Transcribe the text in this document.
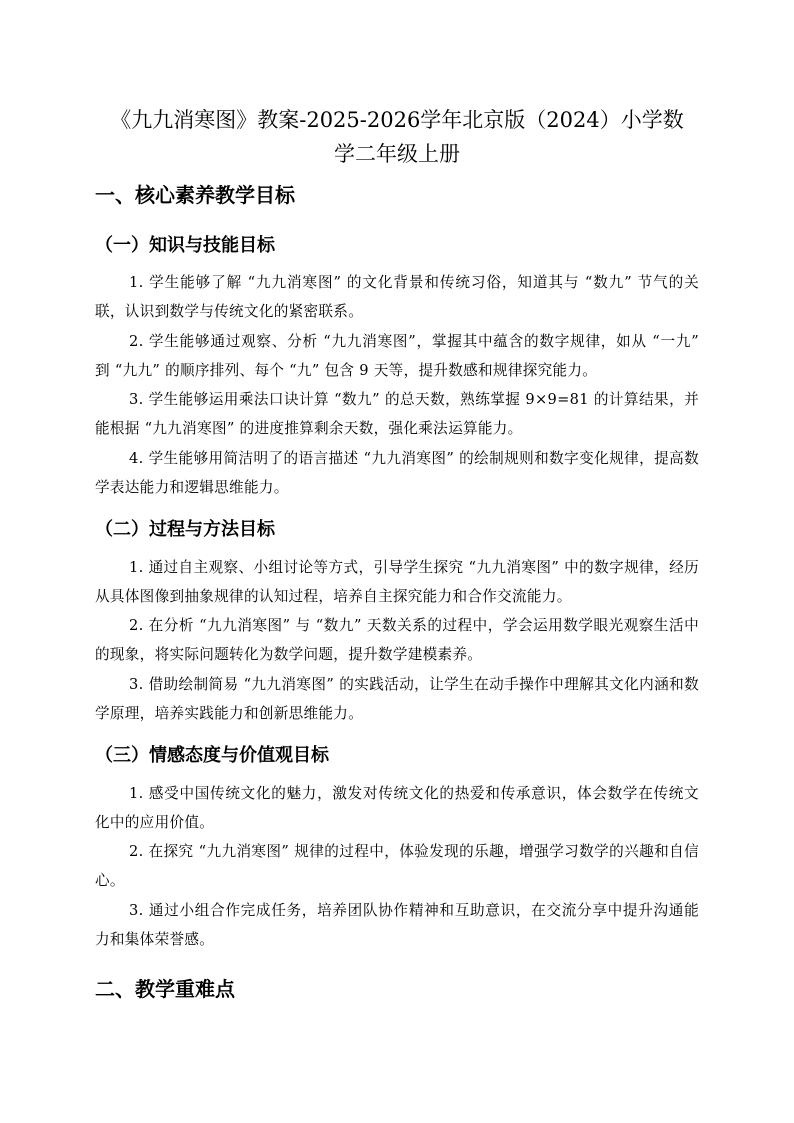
《九九消寒图》教案-2025-2026学年北京版（2024）小学数学二年级上册
一、核心素养教学目标
（一）知识与技能目标

1. 学生能够了解 “九九消寒图” 的文化背景和传统习俗，知道其与 “数九” 节气的关联，认识到数学与传统文化的紧密联系。

2. 学生能够通过观察、分析 “九九消寒图”，掌握其中蕴含的数字规律，如从 “一九” 到 “九九” 的顺序排列、每个 “九” 包含 9 天等，提升数感和规律探究能力。

3. 学生能够运用乘法口诀计算 “数九” 的总天数，熟练掌握 9×9=81 的计算结果，并能根据 “九九消寒图” 的进度推算剩余天数，强化乘法运算能力。

4. 学生能够用简洁明了的语言描述 “九九消寒图” 的绘制规则和数字变化规律，提高数学表达能力和逻辑思维能力。

（二）过程与方法目标

1. 通过自主观察、小组讨论等方式，引导学生探究 “九九消寒图” 中的数字规律，经历从具体图像到抽象规律的认知过程，培养自主探究能力和合作交流能力。

2. 在分析 “九九消寒图” 与 “数九” 天数关系的过程中，学会运用数学眼光观察生活中的现象，将实际问题转化为数学问题，提升数学建模素养。

3. 借助绘制简易 “九九消寒图” 的实践活动，让学生在动手操作中理解其文化内涵和数学原理，培养实践能力和创新思维能力。

（三）情感态度与价值观目标

1. 感受中国传统文化的魅力，激发对传统文化的热爱和传承意识，体会数学在传统文化中的应用价值。

2. 在探究 “九九消寒图” 规律的过程中，体验发现的乐趣，增强学习数学的兴趣和自信心。

3. 通过小组合作完成任务，培养团队协作精神和互助意识，在交流分享中提升沟通能力和集体荣誉感。

二、教学重难点
